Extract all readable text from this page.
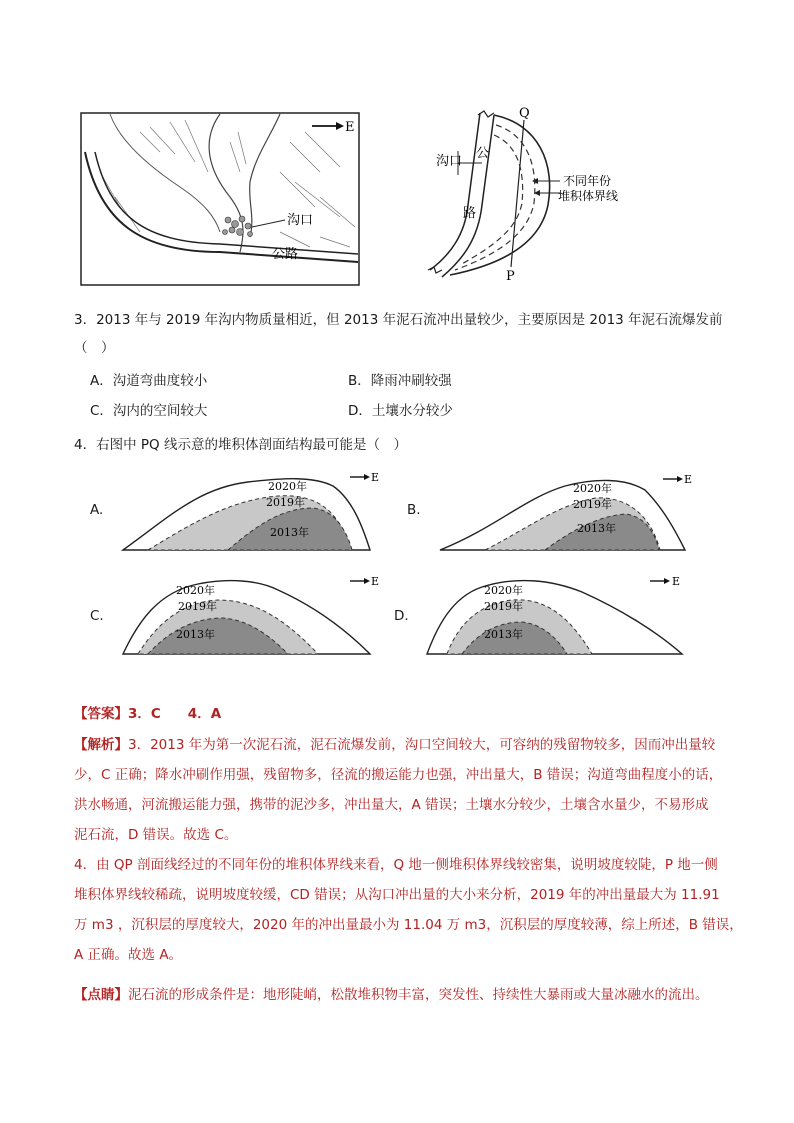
E
沟口
公路
Q
P
沟口
公
路
不同年份
堆积体界线
3．2013 年与 2019 年沟内物质量相近，但 2013 年泥石流冲出量较少，主要原因是 2013 年泥石流爆发前
（　）
A．沟道弯曲度较小	B．降雨冲刷较强
C．沟内的空间较大	D．土壤水分较少
4．右图中 PQ 线示意的堆积体剖面结构最可能是（　）
A.
E
2020年
2019年
2013年
B.
E
2020年
2019年
2013年
C.
E
2020年
2019年
2013年
D.
E
2020年
2019年
2013年
【答案】3．C　　4．A
【解析】3．2013 年为第一次泥石流，泥石流爆发前，沟口空间较大，可容纳的残留物较多，因而冲出量较
少，C 正确；降水冲刷作用强，残留物多，径流的搬运能力也强，冲出量大，B 错误；沟道弯曲程度小的话，
洪水畅通，河流搬运能力强，携带的泥沙多，冲出量大，A 错误；土壤水分较少，土壤含水量少，不易形成
泥石流，D 错误。故选 C。
4．由 QP 剖面线经过的不同年份的堆积体界线来看，Q 地一侧堆积体界线较密集，说明坡度较陡，P 地一侧
堆积体界线较稀疏，说明坡度较缓，CD 错误；从沟口冲出量的大小来分析，2019 年的冲出量最大为 11.91
万 m3 ，沉积层的厚度较大，2020 年的冲出量最小为 11.04 万 m3，沉积层的厚度较薄，综上所述，B 错误，
A 正确。故选 A。
【点睛】泥石流的形成条件是：地形陡峭，松散堆积物丰富，突发性、持续性大暴雨或大量冰融水的流出。
